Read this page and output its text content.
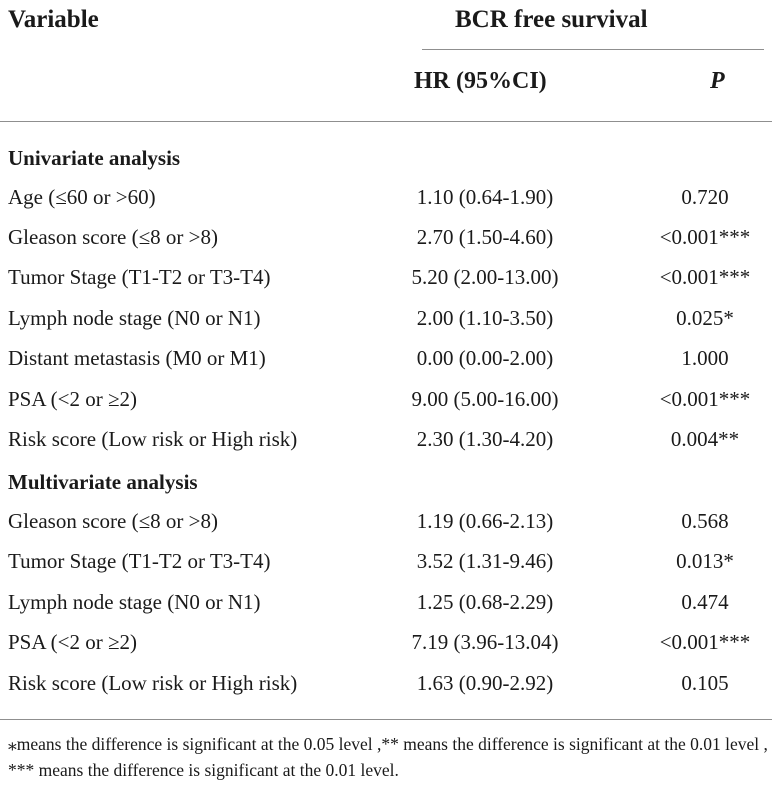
Variable	BCR free survival
HR (95%CI)	P
Univariate analysis
Age (≤60 or >60)	1.10 (0.64-1.90)	0.720
Gleason score (≤8 or >8)	2.70 (1.50-4.60)	<0.001***
Tumor Stage (T1-T2 or T3-T4)	5.20 (2.00-13.00)	<0.001***
Lymph node stage (N0 or N1)	2.00 (1.10-3.50)	0.025*
Distant metastasis (M0 or M1)	0.00 (0.00-2.00)	1.000
PSA (<2 or ≥2)	9.00 (5.00-16.00)	<0.001***
Risk score (Low risk or High risk)	2.30 (1.30-4.20)	0.004**
Multivariate analysis
Gleason score (≤8 or >8)	1.19 (0.66-2.13)	0.568
Tumor Stage (T1-T2 or T3-T4)	3.52 (1.31-9.46)	0.013*
Lymph node stage (N0 or N1)	1.25 (0.68-2.29)	0.474
PSA (<2 or ≥2)	7.19 (3.96-13.04)	<0.001***
Risk score (Low risk or High risk)	1.63 (0.90-2.92)	0.105
⁎means the difference is significant at the 0.05 level ,** means the difference is significant at the 0.01 level , *** means the difference is significant at the 0.01 level.
